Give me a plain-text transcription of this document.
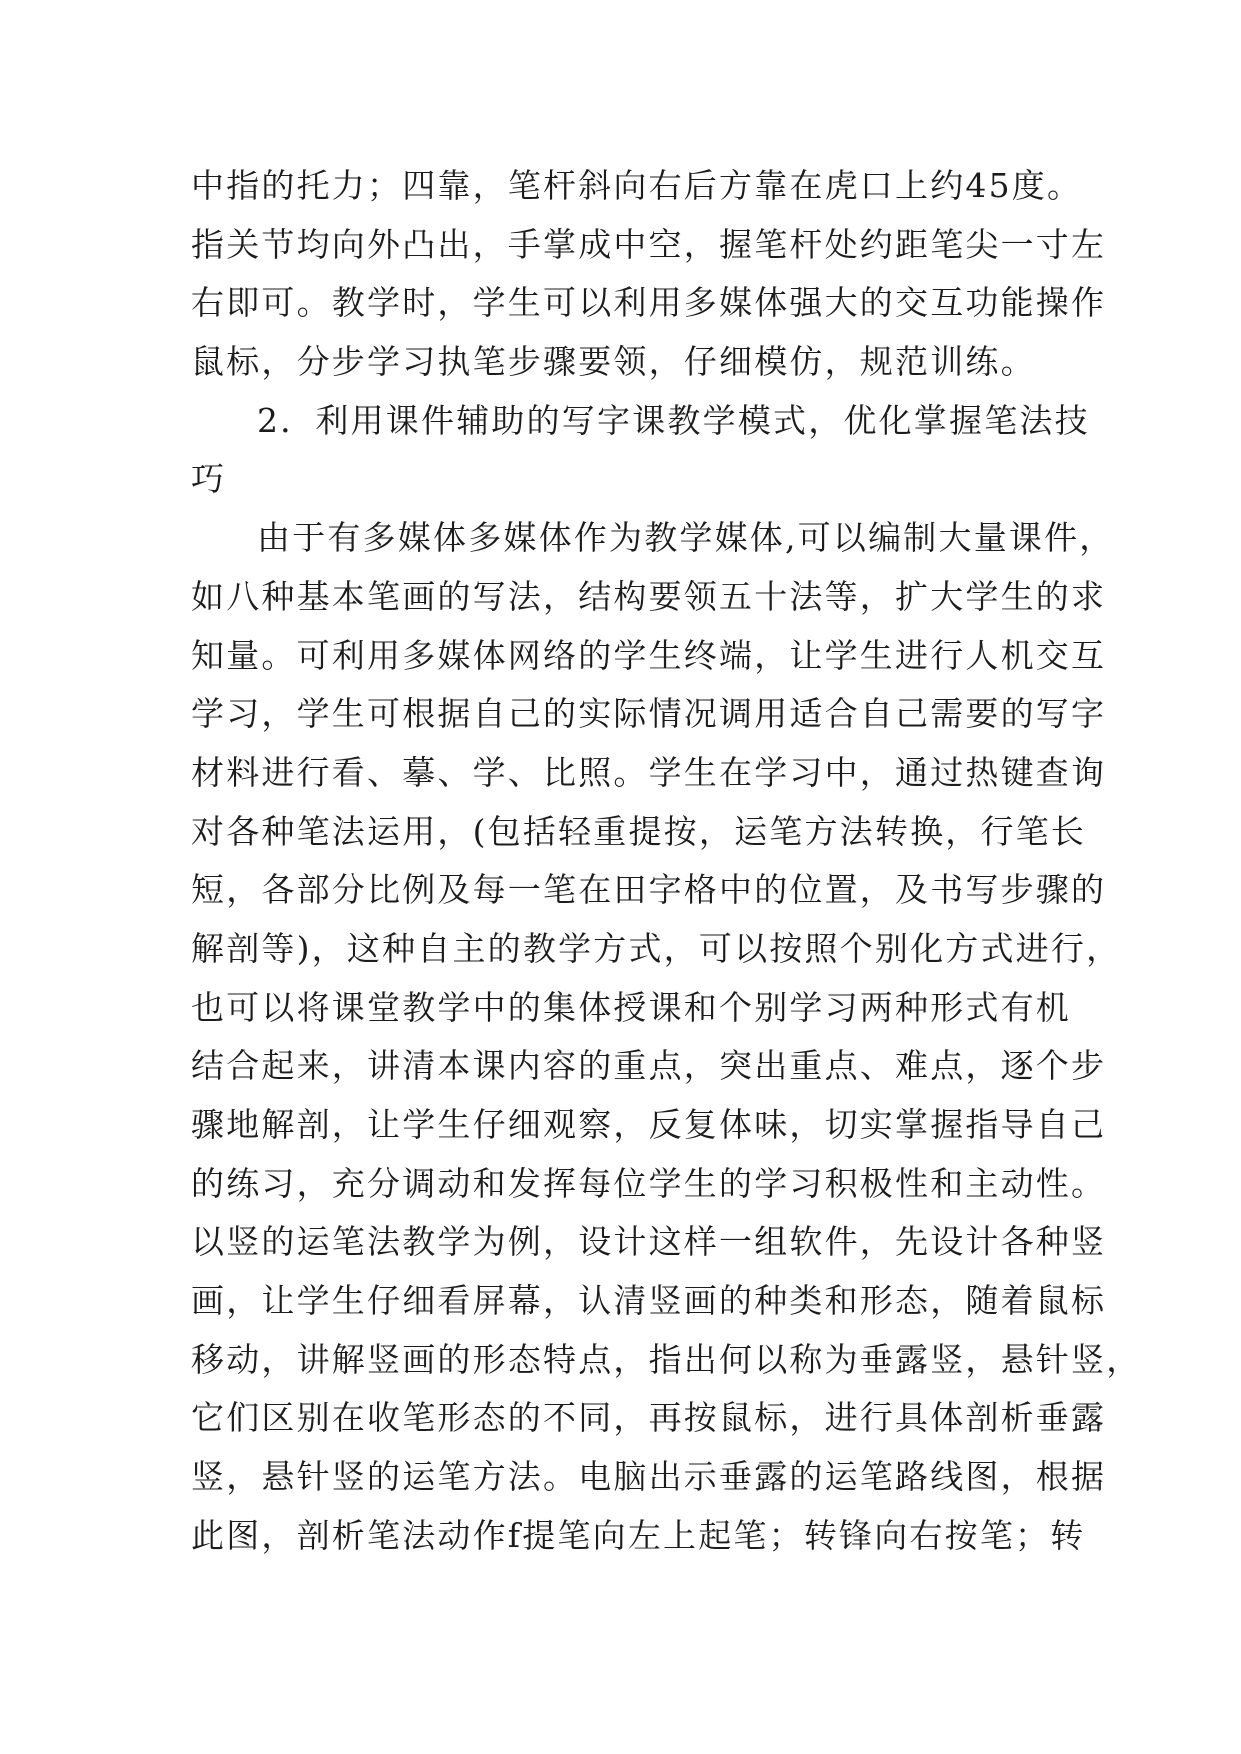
中指的托力；四靠，笔杆斜向右后方靠在虎口上约45度。
指关节均向外凸出，手掌成中空，握笔杆处约距笔尖一寸左
右即可。教学时，学生可以利用多媒体强大的交互功能操作
鼠标，分步学习执笔步骤要领，仔细模仿，规范训练。
2．利用课件辅助的写字课教学模式，优化掌握笔法技
巧
由于有多媒体多媒体作为教学媒体,可以编制大量课件，
如八种基本笔画的写法，结构要领五十法等，扩大学生的求
知量。可利用多媒体网络的学生终端，让学生进行人机交互
学习，学生可根据自己的实际情况调用适合自己需要的写字
材料进行看、摹、学、比照。学生在学习中，通过热键查询
对各种笔法运用，(包括轻重提按，运笔方法转换，行笔长
短，各部分比例及每一笔在田字格中的位置，及书写步骤的
解剖等)，这种自主的教学方式，可以按照个别化方式进行，
也可以将课堂教学中的集体授课和个别学习两种形式有机
结合起来，讲清本课内容的重点，突出重点、难点，逐个步
骤地解剖，让学生仔细观察，反复体味，切实掌握指导自己
的练习，充分调动和发挥每位学生的学习积极性和主动性。
以竖的运笔法教学为例，设计这样一组软件，先设计各种竖
画，让学生仔细看屏幕，认清竖画的种类和形态，随着鼠标
移动，讲解竖画的形态特点，指出何以称为垂露竖，悬针竖，
它们区别在收笔形态的不同，再按鼠标，进行具体剖析垂露
竖，悬针竖的运笔方法。电脑出示垂露的运笔路线图，根据
此图，剖析笔法动作f提笔向左上起笔；转锋向右按笔；转
